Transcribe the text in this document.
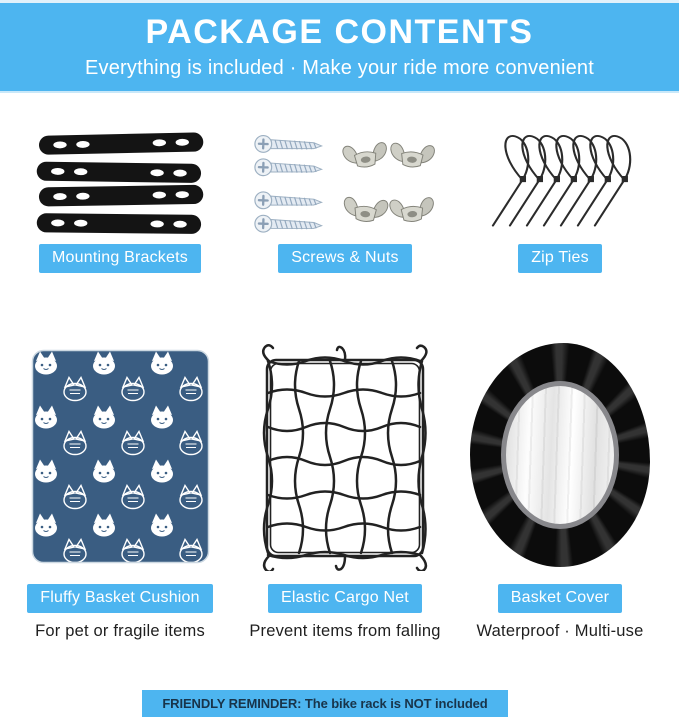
PACKAGE CONTENTS
Everything is included · Make your ride more convenient
Mounting Brackets	Screws & Nuts	Zip Ties
Fluffy Basket Cushion
For pet or fragile items
Elastic Cargo Net
Prevent items from falling
Basket Cover
Waterproof · Multi-use
FRIENDLY REMINDER: The bike rack is NOT included
